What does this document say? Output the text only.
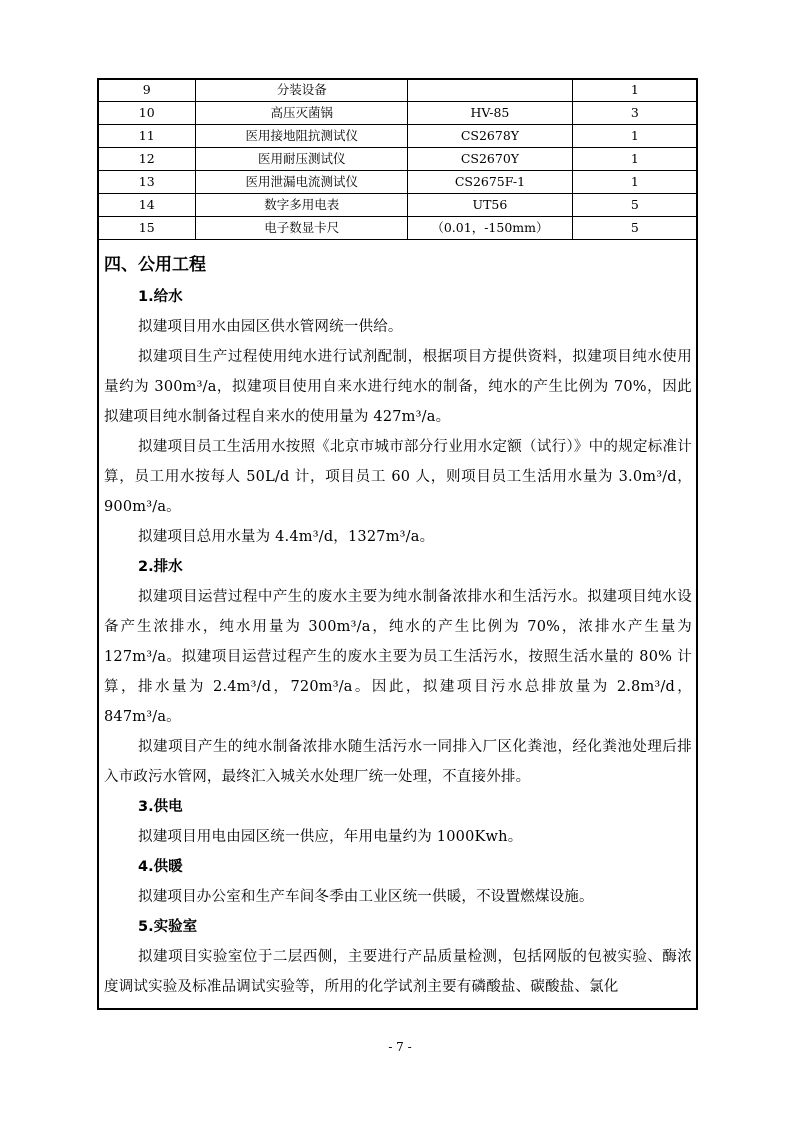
9	分装设备		1
10	高压灭菌锅	HV-85	3
11	医用接地阻抗测试仪	CS2678Y	1
12	医用耐压测试仪	CS2670Y	1
13	医用泄漏电流测试仪	CS2675F-1	1
14	数字多用电表	UT56	5
15	电子数显卡尺	（0.01，-150mm）	5
四、公用工程
1.给水

拟建项目用水由园区供水管网统一供给。

拟建项目生产过程使用纯水进行试剂配制，根据项目方提供资料，拟建项目纯水使用量约为 300m³/a，拟建项目使用自来水进行纯水的制备，纯水的产生比例为 70%，因此拟建项目纯水制备过程自来水的使用量为 427m³/a。

拟建项目员工生活用水按照《北京市城市部分行业用水定额（试行）》中的规定标准计算，员工用水按每人 50L/d 计，项目员工 60 人，则项目员工生活用水量为 3.0m³/d，900m³/a。

拟建项目总用水量为 4.4m³/d，1327m³/a。

2.排水

拟建项目运营过程中产生的废水主要为纯水制备浓排水和生活污水。拟建项目纯水设备产生浓排水，纯水用量为 300m³/a，纯水的产生比例为 70%，浓排水产生量为 127m³/a。拟建项目运营过程产生的废水主要为员工生活污水，按照生活水量的 80% 计算，排水量为 2.4m³/d，720m³/a。因此，拟建项目污水总排放量为 2.8m³/d，847m³/a。

拟建项目产生的纯水制备浓排水随生活污水一同排入厂区化粪池，经化粪池处理后排入市政污水管网，最终汇入城关水处理厂统一处理，不直接外排。

3.供电

拟建项目用电由园区统一供应，年用电量约为 1000Kwh。

4.供暖

拟建项目办公室和生产车间冬季由工业区统一供暖，不设置燃煤设施。

5.实验室

拟建项目实验室位于二层西侧，主要进行产品质量检测，包括网版的包被实验、酶浓度调试实验及标准品调试实验等，所用的化学试剂主要有磷酸盐、碳酸盐、氯化

- 7 -
